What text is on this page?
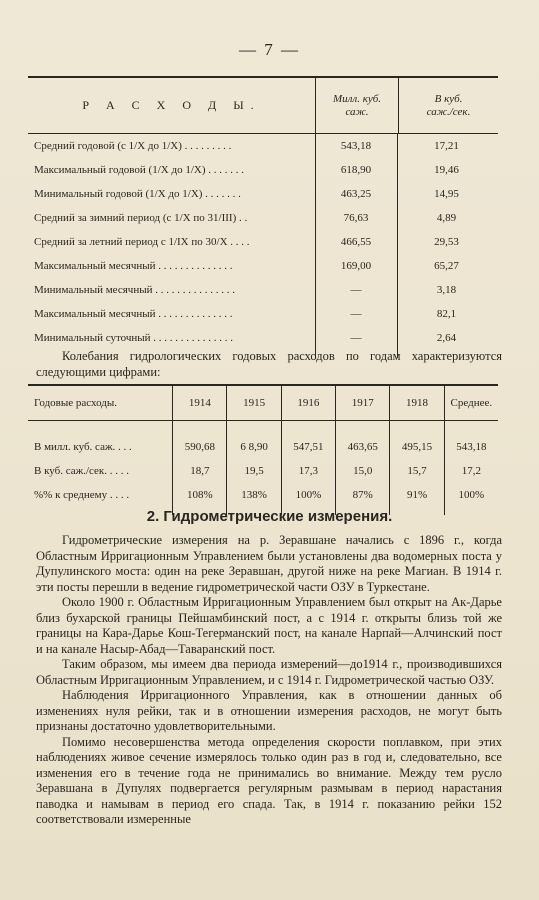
— 7 —
Р А С Х О Д Ы.	Милл. куб.
саж.
В куб.
саж./сек.
Средний годовой (с 1/X до 1/X) . . . . . . . . .	543,18	17,21
Максимальный годовой (1/X до 1/X) . . . . . . .	618,90	19,46
Минимальный годовой (1/X до 1/X) . . . . . . .	463,25	14,95
Средний за зимний период (с 1/X по 31/III) . .	76,63	4,89
Средний за летний период с 1/IX по 30/X . . . .	466,55	29,53
Максимальный месячный . . . . . . . . . . . . . .	169,00	65,27
Минимальный месячный . . . . . . . . . . . . . . .	—	3,18
Максимальный месячный . . . . . . . . . . . . . .	—	82,1
Минимальный суточный . . . . . . . . . . . . . . .	—	2,64
Колебания гидрологических годовых расходов по годам характеризуются следующими цифрами:
Годовые расходы.	1914	1915	1916	1917	1918	Среднее.
В милл. куб. саж. . . .	590,68	6 8,90	547,51	463,65	495,15	543,18
В куб. саж./сек. . . . .	18,7	19,5	17,3	15,0	15,7	17,2
%% к среднему . . . .	108%	138%	100%	87%	91%	100%
2. Гидрометрические измерения.

Гидрометрические измерения на р. Зеравшане начались с 1896 г., когда Областным Ирригационным Управлением были установлены два водомерных поста у Дупулинского моста: один на реке Зеравшан, другой ниже на реке Магиан. В 1914 г. эти посты перешли в ведение гидрометрической части ОЗУ в Туркестане.

Около 1900 г. Областным Ирригационным Управлением был открыт на Ак-Дарье близ бухарской границы Пейшамбинский пост, а с 1914 г. открыты близь той же границы на Кара-Дарье Кош-Тегерманский пост, на канале Нарпай—Алчинский пост и на канале Насыр-Абад—Таваранский пост.

Таким образом, мы имеем два периода измерений—до1914 г., производившихся Областным Ирригационным Управлением, и с 1914 г. Гидрометрической частью ОЗУ.

Наблюдения Ирригационного Управления, как в отношении данных об изменениях нуля рейки, так и в отношении измерения расходов, не могут быть признаны достаточно удовлетворительными.

Помимо несовершенства метода определения скорости поплавком, при этих наблюдениях живое сечение измерялось только один раз в год и, следовательно, все изменения его в течение года не принимались во внимание. Между тем русло Зеравшана в Дупулях подвергается регулярным размывам в период нарастания паводка и намывам в период его спада. Так, в 1914 г. показанию рейки 152 соответствовали измеренные
